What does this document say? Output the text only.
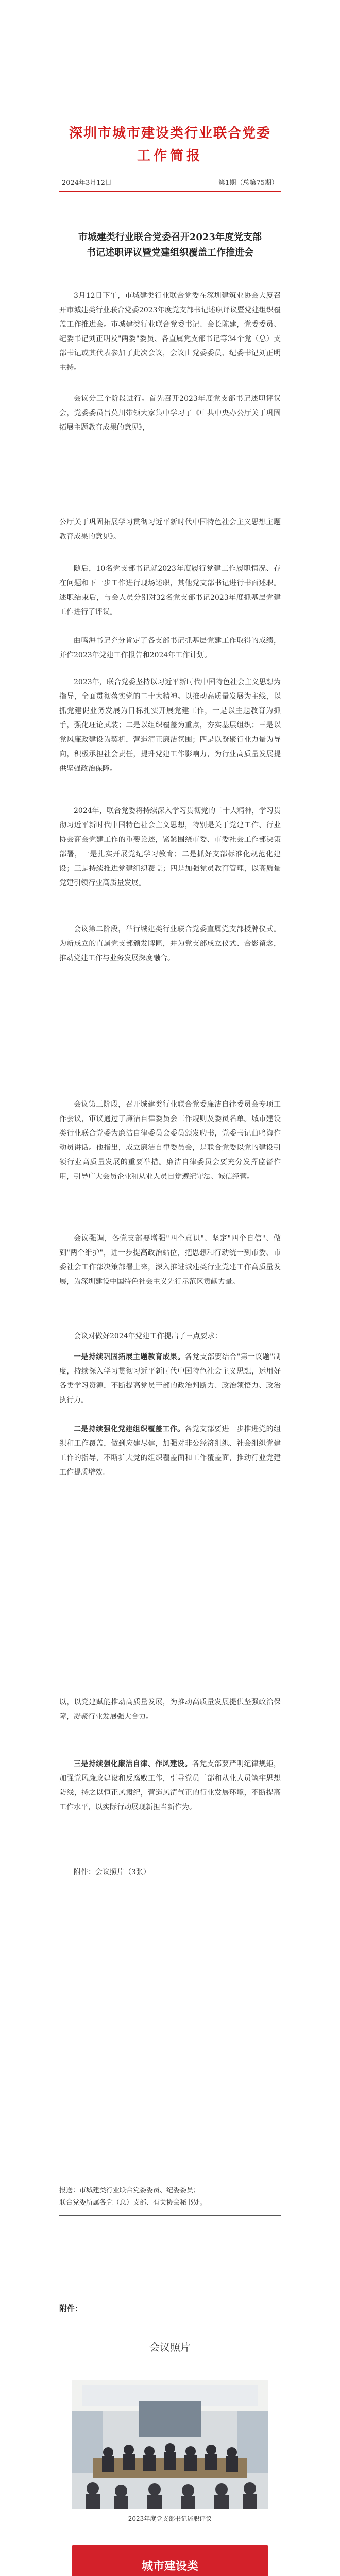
深圳市城市建设类行业联合党委
工作简报
2024年3月12日	第1期（总第75期）
市城建类行业联合党委召开2023年度党支部
书记述职评议暨党建组织覆盖工作推进会

3月12日下午，市城建类行业联合党委在深圳建筑业协会大厦召开市城建类行业联合党委2023年度党支部书记述职评议暨党建组织覆盖工作推进会。市城建类行业联合党委书记、会长陈建，党委委员、纪委书记刘正明及"两委"委员、各直属党支部书记等34个党（总）支部书记或其代表参加了此次会议，会议由党委委员、纪委书记刘正明主持。

会议分三个阶段进行。首先召开2023年度党支部书记述职评议会，党委委员吕莫川带领大家集中学习了《中共中央办公厅关于巩固拓展主题教育成果的意见》，

公厅关于巩固拓展学习贯彻习近平新时代中国特色社会主义思想主题教育成果的意见》。

随后，10名党支部书记就2023年度履行党建工作履职情况、存在问题和下一步工作进行现场述职，其他党支部书记进行书面述职。述职结束后，与会人员分别对32名党支部书记2023年度抓基层党建工作进行了评议。

曲鸣海书记充分肯定了各支部书记抓基层党建工作取得的成绩，并作2023年党建工作报告和2024年工作计划。

2023年，联合党委坚持以习近平新时代中国特色社会主义思想为指导，全面贯彻落实党的二十大精神。以推动高质量发展为主线，以抓党建促业务发展为目标扎实开展党建工作，一是以主题教育为抓手，强化理论武装；二是以组织覆盖为重点，夯实基层组织；三是以党风廉政建设为契机，营造清正廉洁氛围；四是以凝聚行业力量为导向，积极承担社会责任，提升党建工作影响力，为行业高质量发展提供坚强政治保障。

2024年，联合党委将持续深入学习贯彻党的二十大精神，学习贯彻习近平新时代中国特色社会主义思想，特别是关于党建工作、行业协会商会党建工作的重要论述，紧紧围绕市委、市委社会工作部决策部署，一是扎实开展党纪学习教育；二是抓好支部标准化规范化建设；三是持续推进党建组织覆盖；四是加强党员教育管理，以高质量党建引领行业高质量发展。

会议第二阶段，举行城建类行业联合党委直属党支部授牌仪式。为新成立的直属党支部颁发牌匾，并为党支部成立仪式、合影留念，推动党建工作与业务发展深度融合。

会议第三阶段，召开城建类行业联合党委廉洁自律委员会专项工作会议，审议通过了廉洁自律委员会工作规则及委员名单。城市建设类行业联合党委为廉洁自律委员会委员颁发聘书，党委书记曲鸣海作动员讲话。他指出，成立廉洁自律委员会，是联合党委以党的建设引领行业高质量发展的重要举措。廉洁自律委员会要充分发挥监督作用，引导广大会员企业和从业人员自觉遵纪守法、诚信经营。

会议强调，各党支部要增强"四个意识"、坚定"四个自信"、做到"两个维护"，进一步提高政治站位，把思想和行动统一到市委、市委社会工作部决策部署上来，深入推进城建类行业党建工作高质量发展，为深圳建设中国特色社会主义先行示范区贡献力量。

会议对做好2024年党建工作提出了三点要求：

一是持续巩固拓展主题教育成果。各党支部要结合"第一议题"制度，持续深入学习贯彻习近平新时代中国特色社会主义思想，运用好各类学习资源，不断提高党员干部的政治判断力、政治领悟力、政治执行力。

二是持续强化党建组织覆盖工作。各党支部要进一步推进党的组织和工作覆盖，做到应建尽建，加强对非公经济组织、社会组织党建工作的指导，不断扩大党的组织覆盖面和工作覆盖面，推动行业党建工作提质增效。

以，以党建赋能推动高质量发展，为推动高质量发展提供坚强政治保障，凝聚行业发展强大合力。

三是持续强化廉洁自律、作风建设。各党支部要严明纪律规矩，加强党风廉政建设和反腐败工作，引导党员干部和从业人员筑牢思想防线，持之以恒正风肃纪，营造风清气正的行业发展环境，不断提高工作水平，以实际行动展现新担当新作为。

附件：会议照片（3张）

报送：市城建类行业联合党委委员、纪委委员；
联合党委所属各党（总）支部、有关协会秘书处。
附件：
会议照片
2023年度党支部书记述职评议
城市建设类
